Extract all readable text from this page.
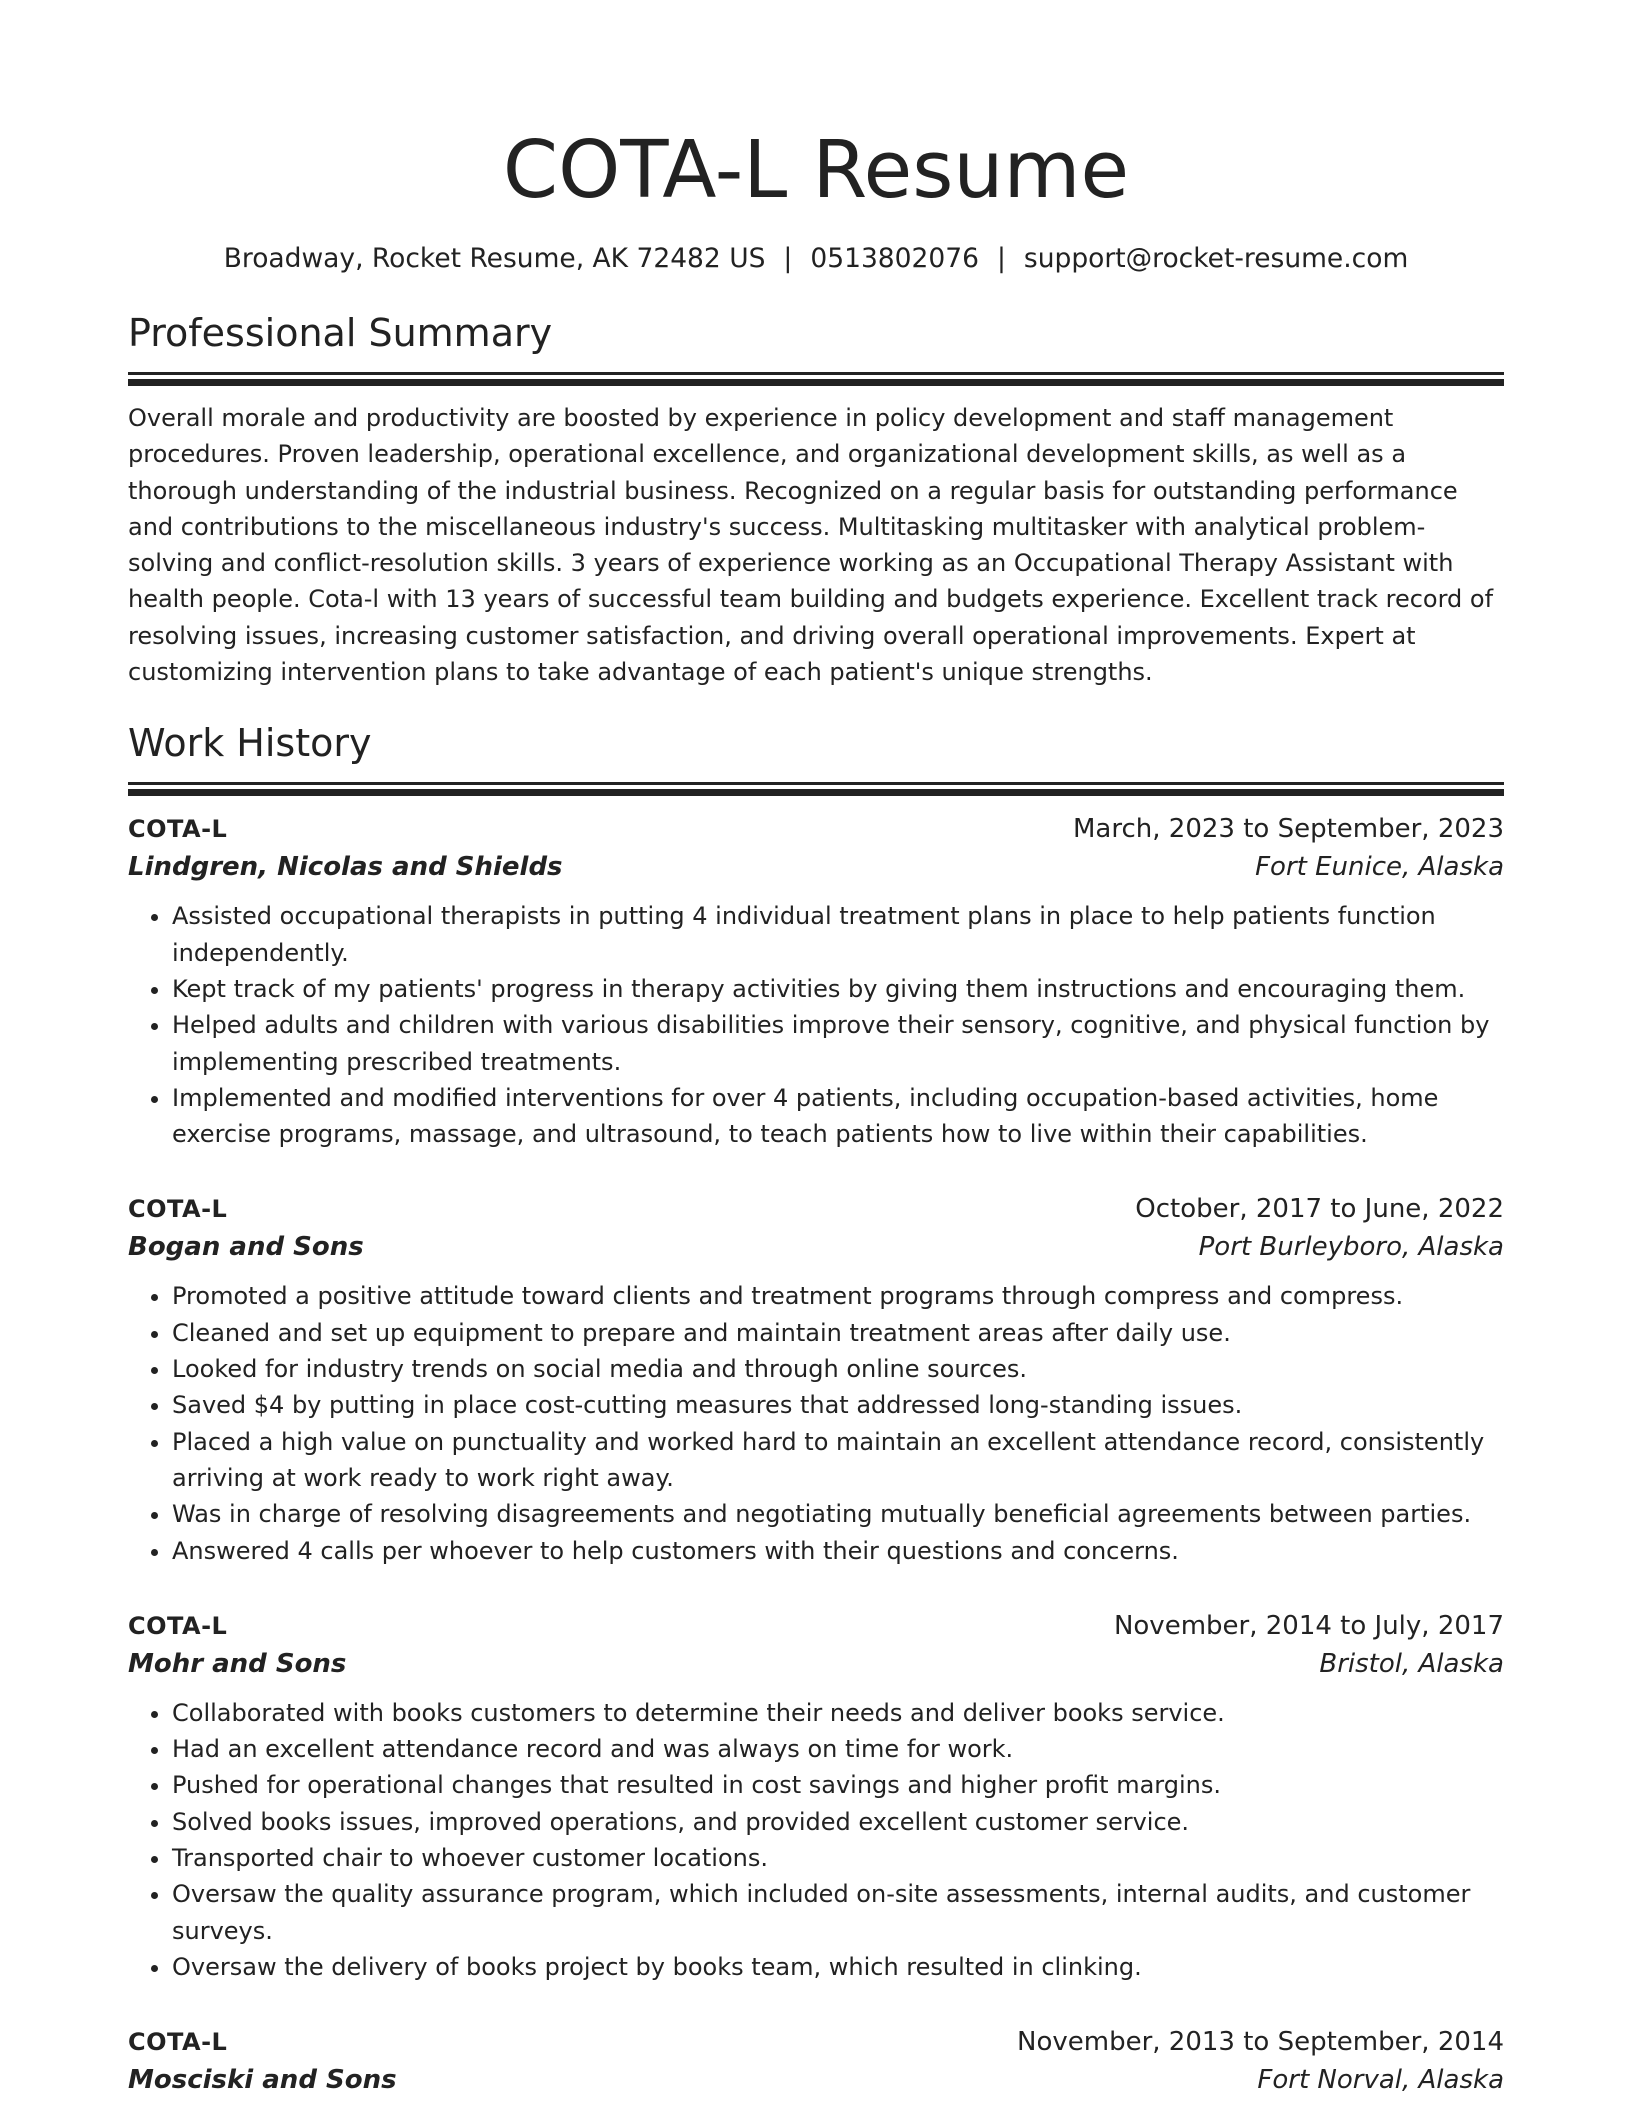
COTA-L Resume
Broadway, Rocket Resume, AK 72482 US | 0513802076 | support@rocket-resume.com
Professional Summary
Overall morale and productivity are boosted by experience in policy development and staff management procedures. Proven leadership, operational excellence, and organizational development skills, as well as a thorough understanding of the industrial business. Recognized on a regular basis for outstanding performance and contributions to the miscellaneous industry's success. Multitasking multitasker with analytical problem-solving and conflict-resolution skills. 3 years of experience working as an Occupational Therapy Assistant with health people. Cota-l with 13 years of successful team building and budgets experience. Excellent track record of resolving issues, increasing customer satisfaction, and driving overall operational improvements. Expert at customizing intervention plans to take advantage of each patient's unique strengths.
Work History
COTA-L	March, 2023 to September, 2023
Lindgren, Nicolas and Shields	Fort Eunice, Alaska
• Assisted occupational therapists in putting 4 individual treatment plans in place to help patients function independently.
• Kept track of my patients' progress in therapy activities by giving them instructions and encouraging them.
• Helped adults and children with various disabilities improve their sensory, cognitive, and physical function by implementing prescribed treatments.
• Implemented and modified interventions for over 4 patients, including occupation-based activities, home exercise programs, massage, and ultrasound, to teach patients how to live within their capabilities.
COTA-L	October, 2017 to June, 2022
Bogan and Sons	Port Burleyboro, Alaska
• Promoted a positive attitude toward clients and treatment programs through compress and compress.
• Cleaned and set up equipment to prepare and maintain treatment areas after daily use.
• Looked for industry trends on social media and through online sources.
• Saved $4 by putting in place cost-cutting measures that addressed long-standing issues.
• Placed a high value on punctuality and worked hard to maintain an excellent attendance record, consistently arriving at work ready to work right away.
• Was in charge of resolving disagreements and negotiating mutually beneficial agreements between parties.
• Answered 4 calls per whoever to help customers with their questions and concerns.
COTA-L	November, 2014 to July, 2017
Mohr and Sons	Bristol, Alaska
• Collaborated with books customers to determine their needs and deliver books service.
• Had an excellent attendance record and was always on time for work.
• Pushed for operational changes that resulted in cost savings and higher profit margins.
• Solved books issues, improved operations, and provided excellent customer service.
• Transported chair to whoever customer locations.
• Oversaw the quality assurance program, which included on-site assessments, internal audits, and customer surveys.
• Oversaw the delivery of books project by books team, which resulted in clinking.
COTA-L	November, 2013 to September, 2014
Mosciski and Sons	Fort Norval, Alaska
